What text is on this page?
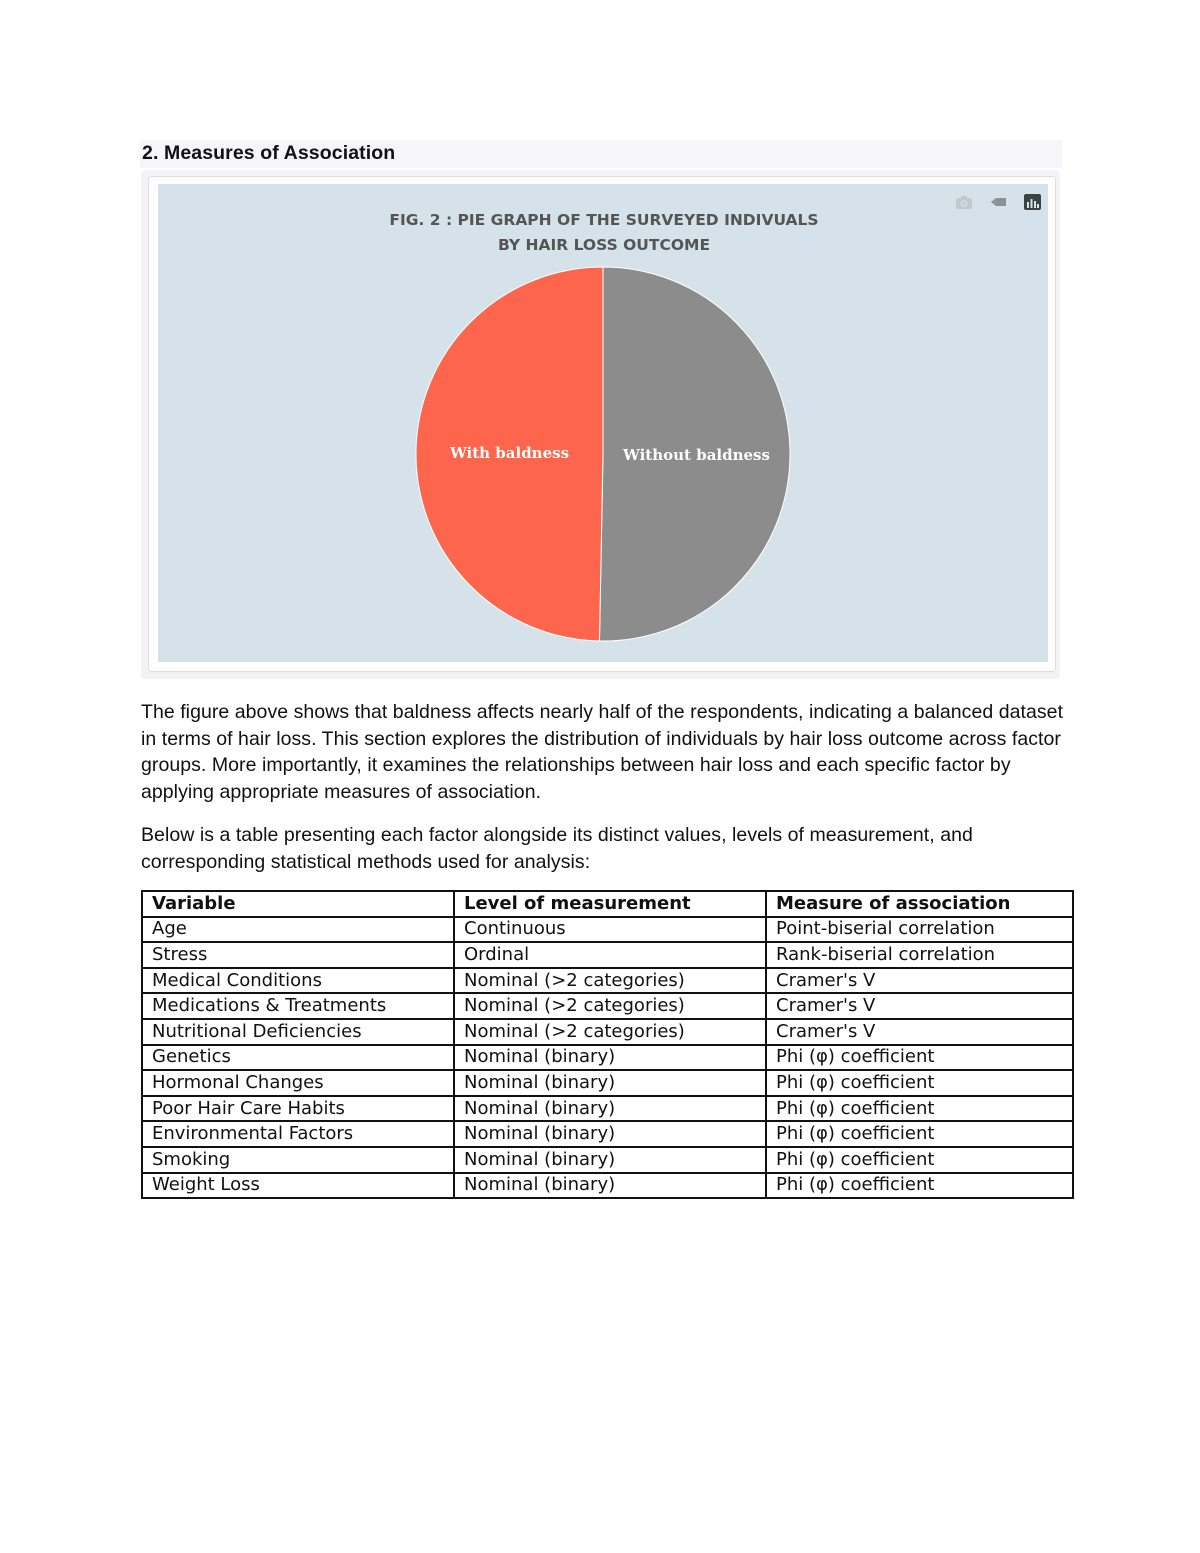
2. Measures of Association
FIG. 2 : PIE GRAPH OF THE SURVEYED INDIVUALS
BY HAIR LOSS OUTCOME
Without baldness
With baldness

The figure above shows that baldness affects nearly half of the respondents, indicating a balanced dataset in terms of hair loss. This section explores the distribution of individuals by hair loss outcome across factor groups. More importantly, it examines the relationships between hair loss and each specific factor by applying appropriate measures of association.

Below is a table presenting each factor alongside its distinct values, levels of measurement, and corresponding statistical methods used for analysis:

Variable	Level of measurement	Measure of association
Age	Continuous	Point-biserial correlation
Stress	Ordinal	Rank-biserial correlation
Medical Conditions	Nominal (>2 categories)	Cramer's V
Medications & Treatments	Nominal (>2 categories)	Cramer's V
Nutritional Deficiencies	Nominal (>2 categories)	Cramer's V
Genetics	Nominal (binary)	Phi (φ) coefficient
Hormonal Changes	Nominal (binary)	Phi (φ) coefficient
Poor Hair Care Habits	Nominal (binary)	Phi (φ) coefficient
Environmental Factors	Nominal (binary)	Phi (φ) coefficient
Smoking	Nominal (binary)	Phi (φ) coefficient
Weight Loss	Nominal (binary)	Phi (φ) coefficient
